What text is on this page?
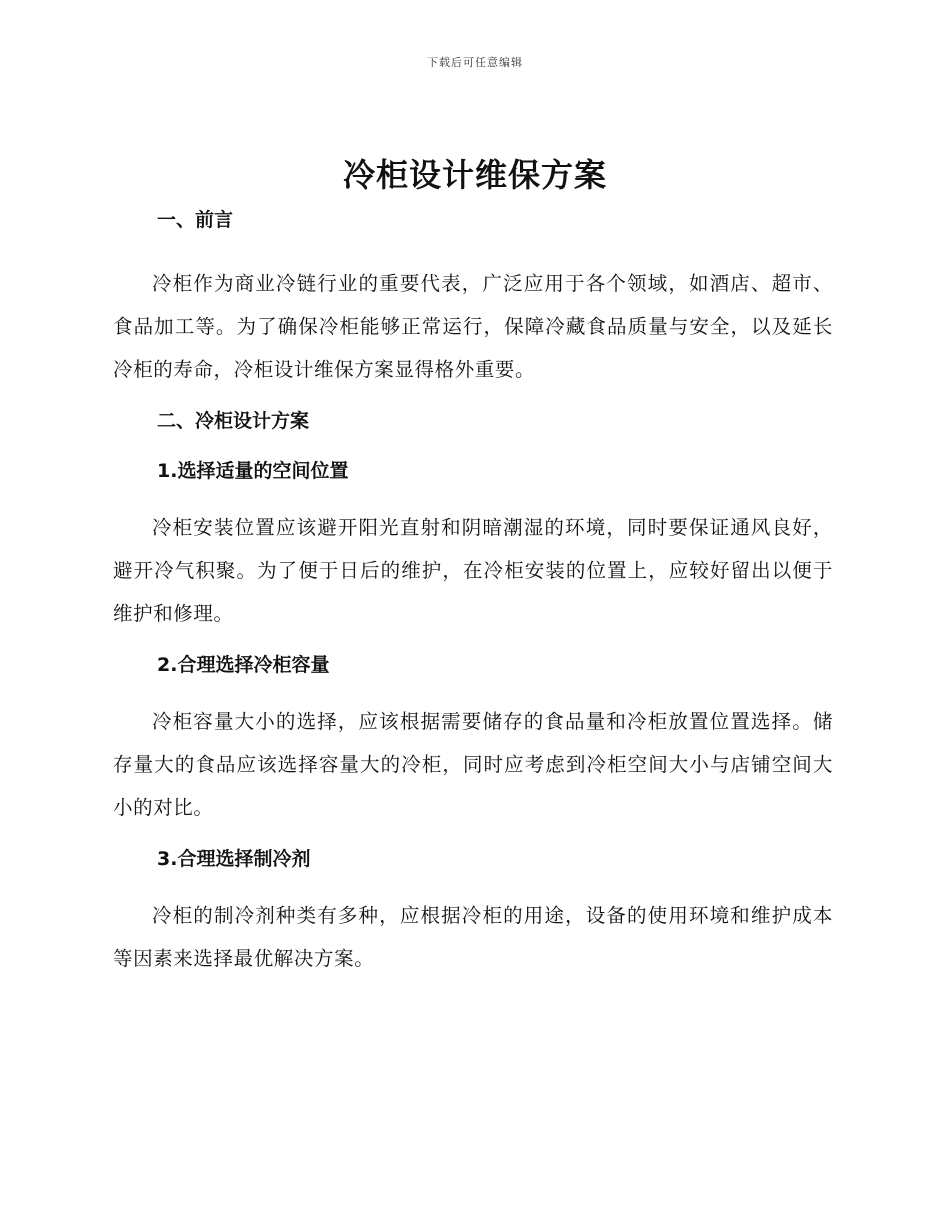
下载后可任意编辑
冷柜设计维保方案
一、前言

冷柜作为商业冷链行业的重要代表，广泛应用于各个领域，如酒店、超市、食品加工等。为了确保冷柜能够正常运行，保障冷藏食品质量与安全，以及延长冷柜的寿命，冷柜设计维保方案显得格外重要。

二、冷柜设计方案
1.选择适量的空间位置

冷柜安装位置应该避开阳光直射和阴暗潮湿的环境，同时要保证通风良好，避开冷气积聚。为了便于日后的维护，在冷柜安装的位置上，应较好留出以便于维护和修理。

2.合理选择冷柜容量

冷柜容量大小的选择，应该根据需要储存的食品量和冷柜放置位置选择。储存量大的食品应该选择容量大的冷柜，同时应考虑到冷柜空间大小与店铺空间大小的对比。

3.合理选择制冷剂

冷柜的制冷剂种类有多种，应根据冷柜的用途，设备的使用环境和维护成本等因素来选择最优解决方案。
